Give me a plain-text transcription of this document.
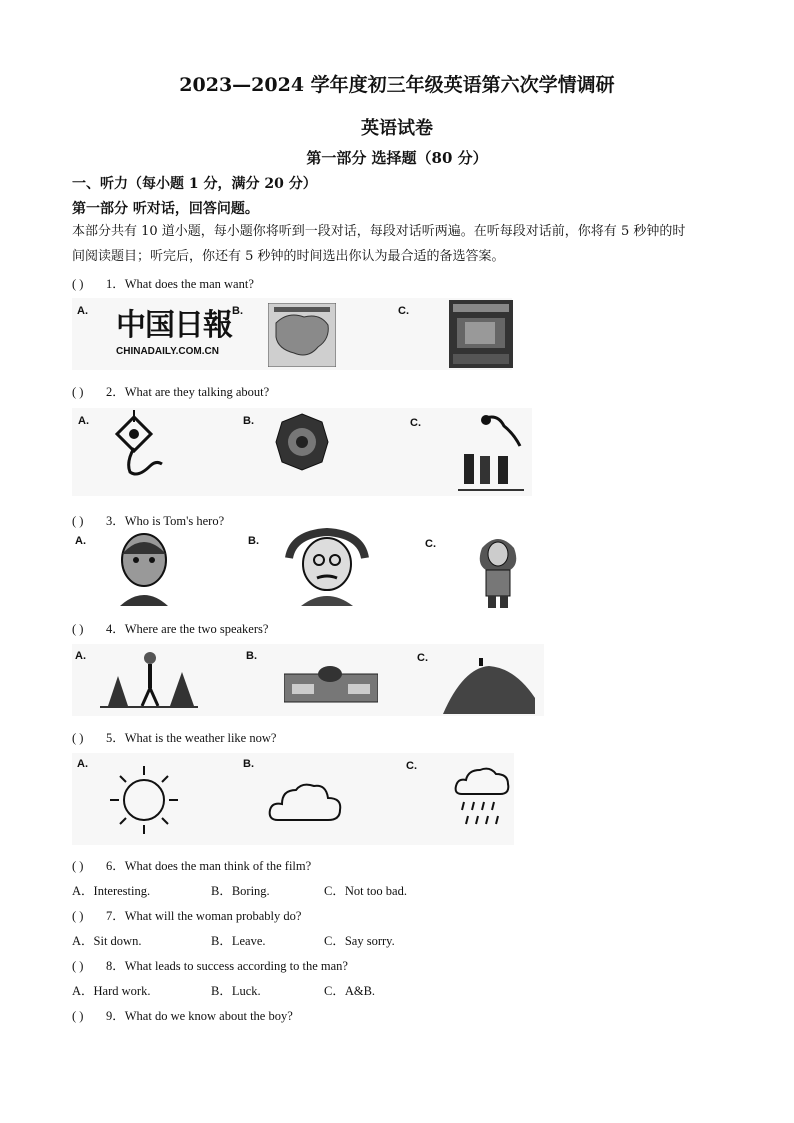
2023—2024 学年度初三年级英语第六次学情调研
英语试卷
第一部分 选择题（80 分）
一、听力（每小题 1 分，满分 20 分）
第一部分 听对话，回答问题。
本部分共有 10 道小题，每小题你将听到一段对话，每段对话听两遍。在听每段对话前，你将有 5 秒钟的时
间阅读题目；听完后，你还有 5 秒钟的时间选出你认为最合适的备选答案。
( ) 1．What does the man want?
A. 中国日報
CHINADAILY.COM.CN
B.	C.
( ) 2．What are they talking about?
A.	B.	C.
( ) 3．Who is Tom's hero?
A.	B.	C.
( ) 4．Where are the two speakers?
A.	B.	C.
( ) 5．What is the weather like now?
A.	B.	C.
( ) 6．What does the man think of the film?
A．Interesting.	B．Boring.	C．Not too bad.
( ) 7．What will the woman probably do?
A．Sit down.	B．Leave.	C．Say sorry.
( ) 8．What leads to success according to the man?
A．Hard work.	B．Luck.	C．A&B.
( ) 9．What do we know about the boy?
